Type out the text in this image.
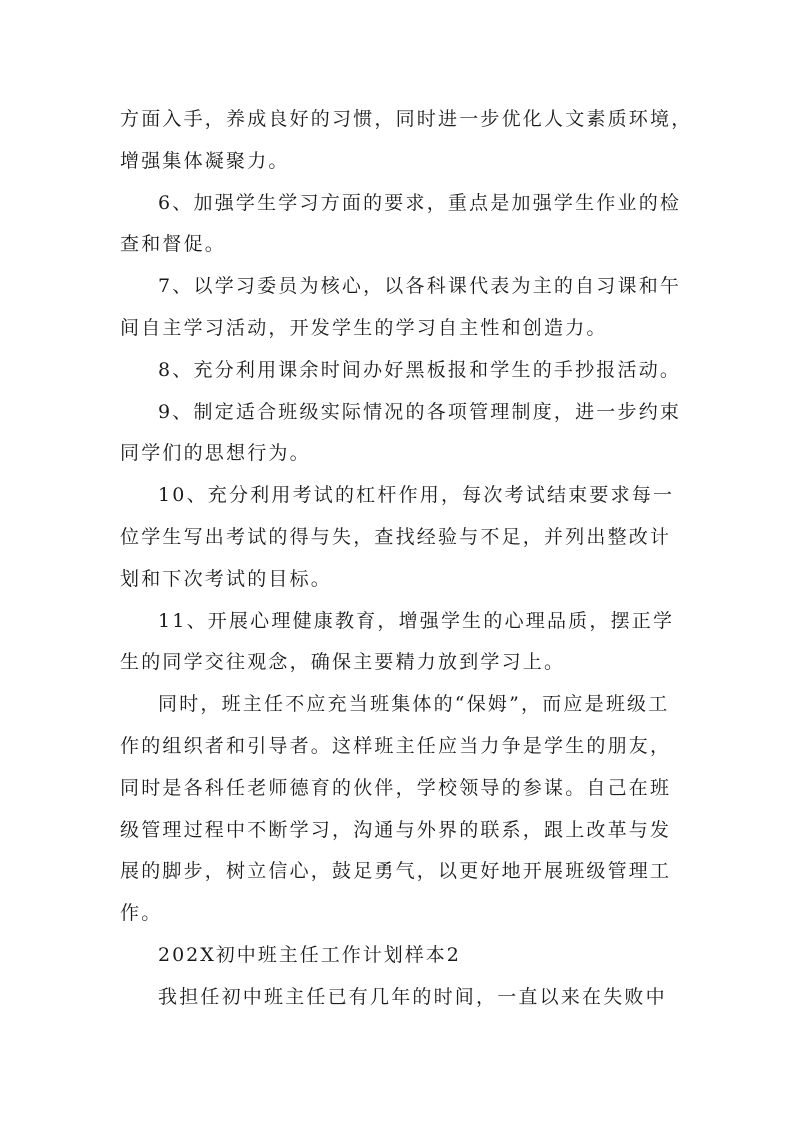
方面入手，养成良好的习惯，同时进一步优化人文素质环境，
增强集体凝聚力。
6、加强学生学习方面的要求，重点是加强学生作业的检
查和督促。
7、以学习委员为核心，以各科课代表为主的自习课和午
间自主学习活动，开发学生的学习自主性和创造力。
8、充分利用课余时间办好黑板报和学生的手抄报活动。
9、制定适合班级实际情况的各项管理制度，进一步约束
同学们的思想行为。
10、充分利用考试的杠杆作用，每次考试结束要求每一
位学生写出考试的得与失，查找经验与不足，并列出整改计
划和下次考试的目标。
11、开展心理健康教育，增强学生的心理品质，摆正学
生的同学交往观念，确保主要精力放到学习上。
同时，班主任不应充当班集体的“保姆”，而应是班级工
作的组织者和引导者。这样班主任应当力争是学生的朋友，
同时是各科任老师德育的伙伴，学校领导的参谋。自己在班
级管理过程中不断学习，沟通与外界的联系，跟上改革与发
展的脚步，树立信心，鼓足勇气，以更好地开展班级管理工
作。
202X初中班主任工作计划样本2
我担任初中班主任已有几年的时间，一直以来在失败中
